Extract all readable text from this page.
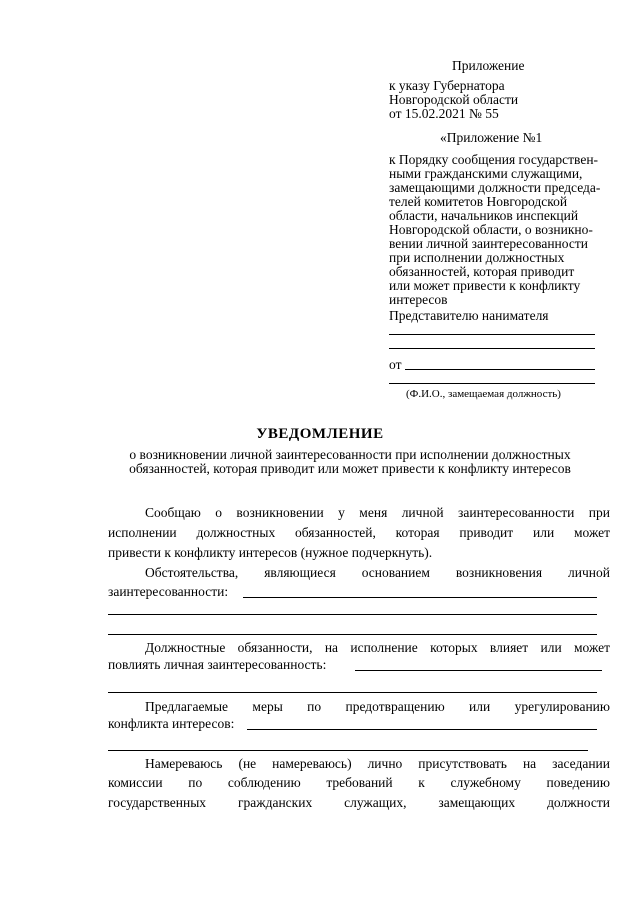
Приложение
к указу Губернатора
Новгородской области
от 15.02.2021 № 55
«Приложение №1
к Порядку сообщения государствен-
ными гражданскими служащими,
замещающими должности председа-
телей комитетов Новгородской
области, начальников инспекций
Новгородской области, о возникно-
вении личной заинтересованности
при исполнении должностных
обязанностей, которая приводит
или может привести к конфликту
интересов
Представителю нанимателя
от
(Ф.И.О., замещаемая должность)
УВЕДОМЛЕНИЕ
о возникновении личной заинтересованности при исполнении должностных
обязанностей, которая приводит или может привести к конфликту интересов
Сообщаю о возникновении у меня личной заинтересованности при
исполнении должностных обязанностей, которая приводит или может
привести к конфликту интересов (нужное подчеркнуть).
Обстоятельства, являющиеся основанием возникновения личной
заинтересованности:
Должностные обязанности, на исполнение которых влияет или может
повлиять личная заинтересованность:
Предлагаемые меры по предотвращению или урегулированию
конфликта интересов:
Намереваюсь (не намереваюсь) лично присутствовать на заседании
комиссии по соблюдению требований к служебному поведению
государственных гражданских служащих, замещающих должности
